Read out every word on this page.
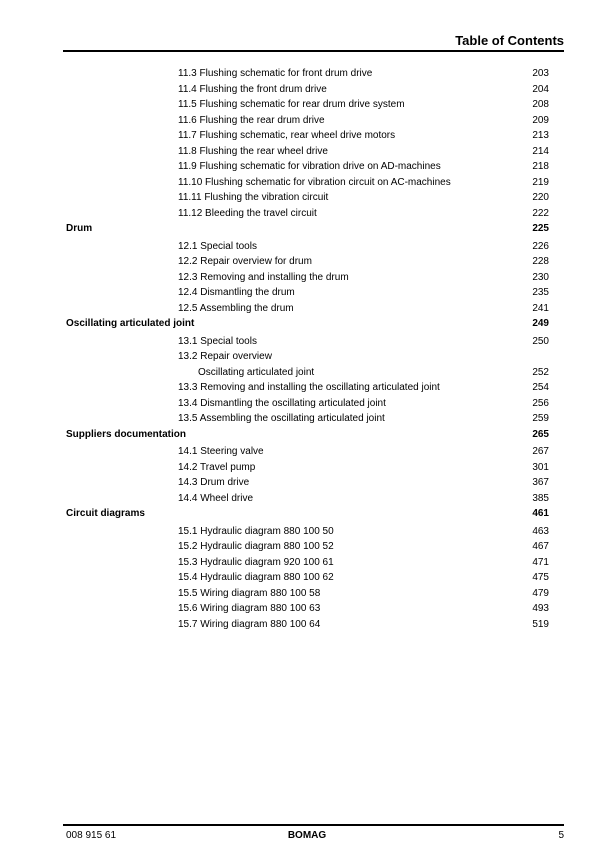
Table of Contents
11.3 Flushing schematic for front drum drive	203
11.4 Flushing the front drum drive	204
11.5 Flushing schematic for rear drum drive system	208
11.6 Flushing the rear drum drive	209
11.7 Flushing schematic, rear wheel drive motors	213
11.8 Flushing the rear wheel drive	214
11.9 Flushing schematic for vibration drive on AD-machines	218
11.10 Flushing schematic for vibration circuit on AC-machines	219
11.11 Flushing the vibration circuit	220
11.12 Bleeding the travel circuit	222
Drum	225
12.1 Special tools	226
12.2 Repair overview for drum	228
12.3 Removing and installing the drum	230
12.4 Dismantling the drum	235
12.5 Assembling the drum	241
Oscillating articulated joint	249
13.1 Special tools	250
13.2 Repair overview
Oscillating articulated joint	252
13.3 Removing and installing the oscillating articulated joint	254
13.4 Dismantling the oscillating articulated joint	256
13.5 Assembling the oscillating articulated joint	259
Suppliers documentation	265
14.1 Steering valve	267
14.2 Travel pump	301
14.3 Drum drive	367
14.4 Wheel drive	385
Circuit diagrams	461
15.1 Hydraulic diagram 880 100 50	463
15.2 Hydraulic diagram 880 100 52	467
15.3 Hydraulic diagram 920 100 61	471
15.4 Hydraulic diagram 880 100 62	475
15.5 Wiring diagram 880 100 58	479
15.6 Wiring diagram 880 100 63	493
15.7 Wiring diagram 880 100 64	519
008 915 61	BOMAG	5
